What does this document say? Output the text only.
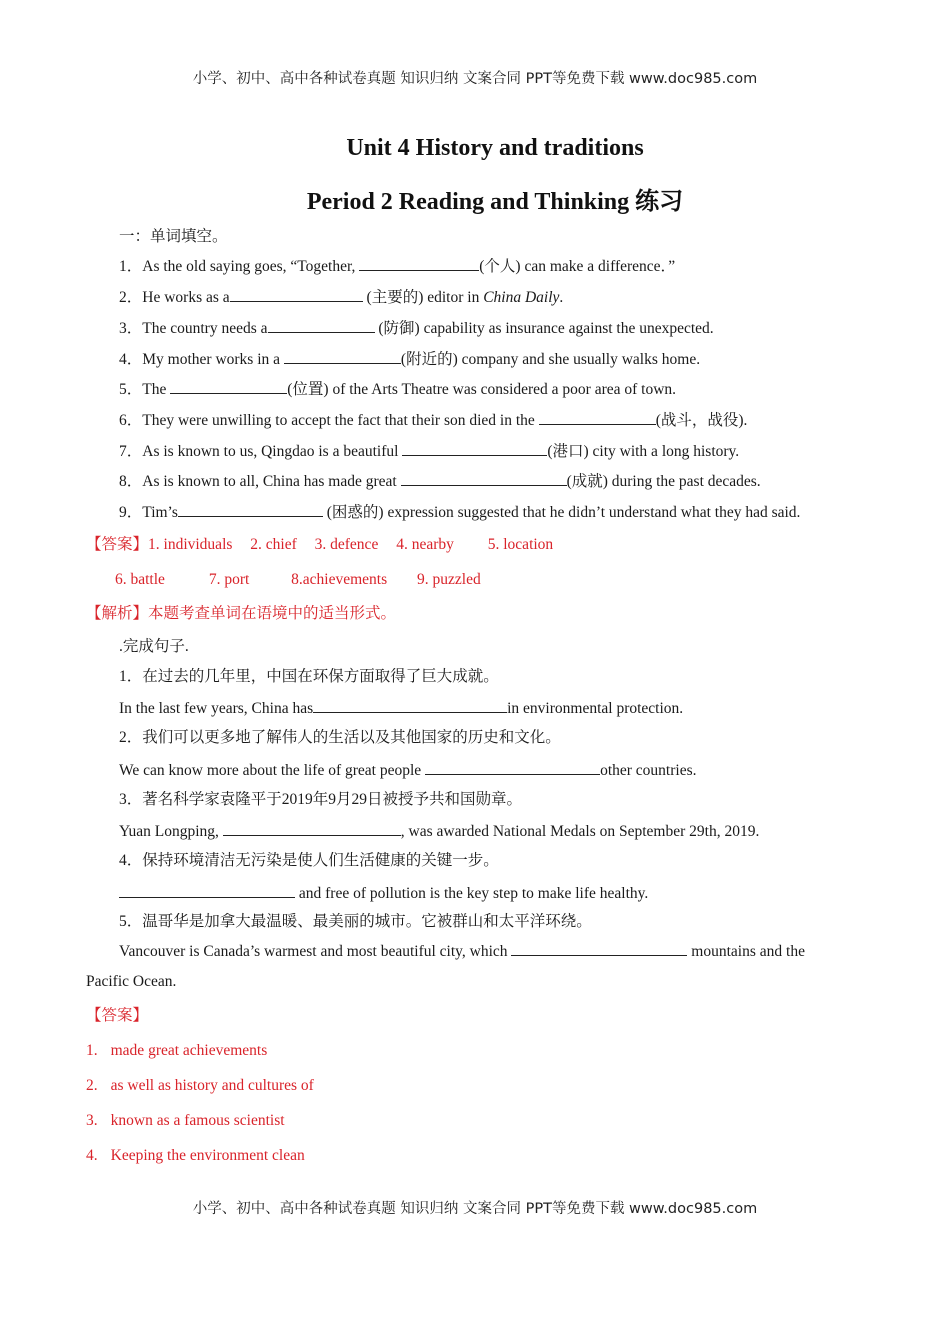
小学、初中、高中各种试卷真题 知识归纳 文案合同 PPT等免费下载 www.doc985.com
Unit 4 History and traditions
Period 2 Reading and Thinking 练习
一：单词填空。
1．As the old saying goes, “Together,	(个人) can make a difference．”
2．He works as a	(主要的) editor in China Daily.
3．The country needs a	(防御) capability as insurance against the unexpected.
4．My mother works in a	(附近的) company and she usually walks home.
5．The	(位置) of the Arts Theatre was considered a poor area of town.
6．They were unwilling to accept the fact that their son died in the	(战斗，战役).
7．As is known to us, Qingdao is a beautiful	(港口) city with a long history.
8．As is known to all, China has made great	(成就) during the past decades.
9．Tim’s	(困惑的) expression suggested that he didn’t understand what they had said.
【答案】1. individuals 2. chief 3. defence 4. nearby 5. location
6. battle	7. port	8.achievements 9. puzzled
【解析】本题考查单词在语境中的适当形式。
.完成句子.
1．在过去的几年里，中国在环保方面取得了巨大成就。
In the last few years, China has	in environmental protection.
2．我们可以更多地了解伟人的生活以及其他国家的历史和文化。
We can know more about the life of great people	other countries.
3．著名科学家袁隆平于2019年9月29日被授予共和国勋章。
Yuan Longping,	, was awarded National Medals on September 29th, 2019.
4．保持环境清洁无污染是使人们生活健康的关键一步。
and free of pollution is the key step to make life healthy.
5．温哥华是加拿大最温暖、最美丽的城市。它被群山和太平洋环绕。
Vancouver is Canada’s warmest and most beautiful city, which	mountains and the
Pacific Ocean.
【答案】
1. made great achievements
2. as well as history and cultures of
3. known as a famous scientist
4. Keeping the environment clean
小学、初中、高中各种试卷真题 知识归纳 文案合同 PPT等免费下载 www.doc985.com
